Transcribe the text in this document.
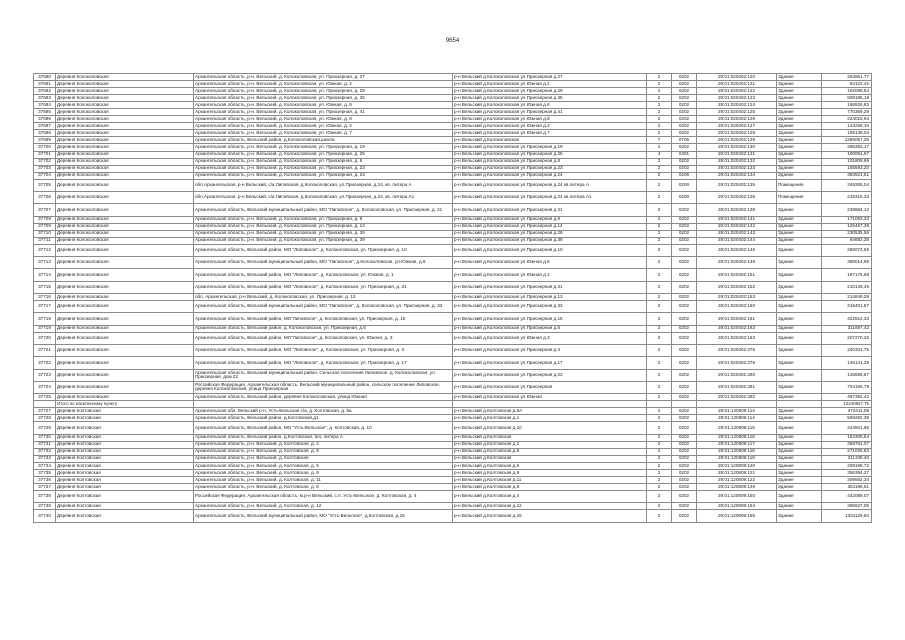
9654
37690	Деревня Колоколовская	Архангельская область, р-н. Вельский, д. Колоколовская, ул. Приозерная, д. 27	р-н Вельский д.Колоколовская ул.Приозерная д.27	2	0202	29:01:020402:120	Здание	263861,77
37691	Деревня Колоколовская	Архангельская область, р-н. Вельский, д. Колоколовская, ул. Южная, д. 2	р-н Вельский д.Колоколовская ул.Южная д.2	2	0202	29:01:020402:121	Здание	84122,42
37692	Деревня Колоколовская	Архангельская область, р-н. Вельский, д. Колоколовская, ул. Приозерная, д. 29	р-н Вельский д.Колоколовская ул.Приозерная д.29	2	0202	29:01:020402:122	Здание	152068,54
37693	Деревня Колоколовская	Архангельская область, р-н. Вельский, д. Колоколовская, ул. Приозерная, д. 35	р-н Вельский д.Колоколовская ул.Приозерная д.35	2	0202	29:01:020402:123	Здание	808185,18
37694	Деревня Колоколовская	Архангельская область, р-н. Вельский, д. Колоколовская, ул. Южная, д. 6	р-н Вельский д.Колоколовская ул.Южная д.6	2	0202	29:01:020402:124	Здание	166526,83
37695	Деревня Колоколовская	Архангельская область, р-н. Вельский, д. Колоколовская, ул. Приозерная, д. 41	р-н Вельский д.Колоколовская ул.Приозерная д.41	2	0202	29:01:020402:125	Здание	770369,29
37696	Деревня Колоколовская	Архангельская область, р-н. Вельский, д. Колоколовская, ул. Южная, д. 8	р-н Вельский д.Колоколовская ул.Южная д.8	2	0202	29:01:020402:126	Здание	224015,94
37697	Деревня Колоколовская	Архангельская область, р-н. Вельский, д. Колоколовская, ул. Южная, д. 2	р-н Вельский д.Колоколовская ул.Южная д.2	2	0202	29:01:020402:127	Здание	143258,10
37698	Деревня Колоколовская	Архангельская область, р-н. Вельский, д. Колоколовская, ул. Южная, д. 7	р-н Вельский д.Колоколовская ул.Южная д.7	2	0202	29:01:020402:128	Здание	159138,04
37699	Деревня Колоколовская	Архангельская область, Вельский район, д.Колоколовская,школа	р-н Вельский д.Колоколовская	7	0705	29:01:020402:129	Здание	1285057,28
37700	Деревня Колоколовская	Архангельская область, р-н. Вельский, д. Колоколовская, ул. Приозерная, д. 19	р-н Вельский д.Колоколовская ул.Приозерная д.19	2	0202	29:01:020402:130	Здание	286283,17
37701	Деревня Колоколовская	Архангельская область, р-н. Вельский, д. Колоколовская, ул. Приозерная, д. 25	р-н Вельский д.Колоколовская ул.Приозерная д.25	4	0401	29:01:020402:131	Здание	100051,97
37702	Деревня Колоколовская	Архангельская область, р-н. Вельский, д. Колоколовская, ул. Приозерная, д. 8	р-н Вельский д.Колоколовская ул.Приозерная д.8	2	0202	29:01:020402:132	Здание	101809,69
37703	Деревня Колоколовская	Архангельская область, р-н. Вельский, д. Колоколовская, ул. Приозерная, д. 23	р-н Вельский д.Колоколовская ул.Приозерная д.23	2	0202	29:01:020402:133	Здание	155593,20
37704	Деревня Колоколовская	Архангельская область, р-н. Вельский, д. Колоколовская, ул. Приозерная, д. 24	р-н Вельский д.Колоколовская ул.Приозерная д.24	2	0206	29:01:020402:134	Здание	383521,51
37705	Деревня Колоколовская	обл.Архангельская, р-н Вельский, с/а Липовская, д.Колоколовская, ул.Приозерная, д.24, кв. литера А	р-н Вельский д.Колоколовская ул.Приозерная д.24 кв.литера А	2	0200	29:01:020402:135	Помещение	349265,04
37706	Деревня Колоколовская	обл.Архангельская, р-н Вельский, с/а Липовская, д.Колоколовская, ул.Приозерная, д.24, кв. литера А1	р-н Вельский д.Колоколовская ул.Приозерная д.24 кв.литера А1	2	0200	29:01:020402:136	Помещение	215315,33
37707	Деревня Колоколовская	Архангельская область, Вельский муниципальный район, МО "Липовское", д. Колоколовская, ул. Приозерная, д. 21	р-н Вельский д.Колоколовская ул.Приозерная д.21	2	0202	29:01:020402:138	Здание	238684,12
37708	Деревня Колоколовская	Архангельская область, р-н. Вельский, д. Колоколовская, ул. Приозерная, д. 9	р-н Вельский д.Колоколовская ул.Приозерная д.9	2	0202	29:01:020402:141	Здание	171093,33
37709	Деревня Колоколовская	Архангельская область, р-н. Вельский, д. Колоколовская, ул. Приозерная, д. 14	р-н Вельский д.Колоколовская ул.Приозерная д.14	2	0202	29:01:020402:142	Здание	125457,38
37710	Деревня Колоколовская	Архангельская область, р-н. Вельский, д. Колоколовская, ул. Приозерная, д. 26	р-н Вельский д.Колоколовская ул.Приозерная д.26	2	0202	29:01:020402:143	Здание	230535,56
37711	Деревня Колоколовская	Архангельская область, р-н. Вельский, д. Колоколовская, ул. Приозерная, д. 39	р-н Вельский д.Колоколовская ул.Приозерная д.39	2	0202	29:01:020402:144	Здание	84682,29
37712	Деревня Колоколовская	Архангельская область, Вельский район, МО "Липовское", д. Колоколовская, ул. Приозерная, д. 10	р-н Вельский д.Колоколовская ул.Приозерная д.10	2	0202	29:01:020402:146	Здание	289073,56
37713	Деревня Колоколовская	Архангельская область, Вельский муниципальный район, МО "Липовское", д.Колоколовская, ул.Южная, д.6	р-н Вельский д.Колоколовская ул.Южная д.6	2	0202	29:01:020402:148	Здание	388014,95
37714	Деревня Колоколовская	Архангельская область, Вельский район, МО "Липовское", д. Колоколовская, ул. Южная, д. 1	р-н Вельский д.Колоколовская ул.Южная д.1	2	0202	29:01:020402:151	Здание	187175,68
37715	Деревня Колоколовская	Архангельская область, Вельский район, МО "Липовское", д. Колоколовская, ул. Приозерная, д. 31	р-н Вельский д.Колоколовская ул.Приозерная д.31	2	0202	29:01:020402:152	Здание	210149,45
37716	Деревня Колоколовская	обл. Архангельская, р-н Вельский, д. Колоколовская, ул. Приозерная, д. 13	р-н Вельский д.Колоколовская ул.Приозерная д.13	2	0202	29:01:020402:153	Здание	214849,28
37717	Деревня Колоколовская	Архангельская область, Вельский муниципальный район, МО "Липовское", д. Колоколовская, ул. Приозерная, д. 33	р-н Вельский д.Колоколовская ул.Приозерная д.33	2	0202	29:01:020402:160	Здание	319401,87
37718	Деревня Колоколовская	Архангельская область, Вельский район, МО"Липовское", д. Колоколовская, ул. Приозерная, д. 15	р-н Вельский д.Колоколовская ул.Приозерная д.15	2	0202	29:01:020402:161	Здание	422512,33
37719	Деревня Колоколовская	Архангельская область, Вельский район, д. Колоколовская, ул. Приозерная, д.6	р-н Вельский д.Колоколовская ул.Приозерная д.6	2	0202	29:01:020402:162	Здание	311687,42
37720	Деревня Колоколовская	Архангельская область, Вельский район, МО"Липовское", д. Колоколовская, ул. Южная, д. 3	р-н Вельский д.Колоколовская ул.Южная д.3	2	0202	29:01:020402:163	Здание	207270,26
37721	Деревня Колоколовская	Архангельская область, Вельский район, МО "Липовское", д. Колоколовская, ул. Приозерная, д. 3	р-н Вельский д.Колоколовская ул.Приозерная д.3	2	0202	29:01:020402:276	Здание	240331,75
37722	Деревня Колоколовская	Архангельская область, Вельский район, МО "Липовское", д. Колоколовская, ул. Приозерная, д. 17	р-н Вельский д.Колоколовская ул.Приозерная д.17	2	0202	29:01:020402:278	Здание	146141,28
37723	Деревня Колоколовская	Архангельская область, Вельский муниципальный район, Сельское поселение Липовское, д. Колоколовская, ул. Приозерная, дом 22	р-н Вельский д.Колоколовская ул.Приозерная д.22	2	0202	29:01:020402:280	Здание	146559,87
37724	Деревня Колоколовская	Российская Федерация, Архангельская область, Вельский муниципальный район, сельское поселение Липовское, деревня Колоколовская, улица Приозерная	р-н Вельский д.Колоколовская ул.Приозерная	2	0202	29:01:020402:281	Здание	704169,79
37725	Деревня Колоколовская	Архангельская область, Вельский район, деревня Колоколовская, улица Южная	р-н Вельский д.Колоколовская ул.Южная	2	0202	29:01:020402:282	Здание	497392,42
	Итого по населенному пункту							12240827,75
37727	Деревня Колтовская	Архангельская обл, Вельский р-н, Усть-Вельская с/а, д. Колтовская, д. 5а	р-н Вельский д.Колтовская д.5А	2	0202	29:01:120809:114	Здание	372411,09
37728	Деревня Колтовская	Архангельская область, Вельский район, д.Колтовская,д1	р-н Вельский д.Колтовская д.1	2	0202	29:01:120809:114	Здание	569282,38
37729	Деревня Колтовская	Архангельская область, Вельский район, МО "Усть-Вельское", д. Колтовская, д. 10	р-н Вельский д.Колтовская д.10	2	0202	29:01:120809:115	Здание	244921,96
37730	Деревня Колтовская	Архангельская область, Вельский район, д.Колтовская, б/н, литера А	р-н Вельский д.Колтовская	2	0202	29:01:120809:116	Здание	184305,54
37731	Деревня Колтовская	Архангельская область, р-н. Вельский, д. Колтовская, д. 2	р-н Вельский д.Колтовская д.2	2	0202	29:01:120809:117	Здание	359761,07
37732	Деревня Колтовская	Архангельская область, р-н. Вельский, д. Колтовская, д. 6	р-н Вельский д.Колтовская д.6	2	0202	29:01:120809:118	Здание	271026,83
37733	Деревня Колтовская	Архангельская область, р-н. Вельский, д. Колтовская	р-н Вельский д.Колтовская	2	0202	29:01:120809:119	Здание	311339,40
37734	Деревня Колтовская	Архангельская область, р-н. Вельский, д. Колтовская, д. 5	р-н Вельский д.Колтовская д.5	2	0202	29:01:120809:120	Здание	208198,72
37735	Деревня Колтовская	Архангельская область, р-н. Вельский, д. Колтовская, д. 9	р-н Вельский д.Колтовская д.9	2	0202	29:01:120809:121	Здание	356394,27
37736	Деревня Колтовская	Архангельская область, р-н. Вельский, д. Колтовская, д. 11	р-н Вельский д.Колтовская д.11	2	0202	29:01:120809:122	Здание	309562,34
37737	Деревня Колтовская	Архангельская область, р-н. Вельский, д. Колтовская, д. 8	р-н Вельский д.Колтовская д.8	2	0202	29:01:120809:149	Здание	351186,51
37738	Деревня Колтовская	Российская Федерация, Архангельская область, м.р-н Вельский, с.п. Усть-Вельское, д. Колтовская, д. 4	р-н Вельский д.Колтовская д.4	2	0202	29:01:120809:150	Здание	442089,07
37739	Деревня Колтовская	Архангельская область, р-н. Вельский, д. Колтовская, д. 12	р-н Вельский д.Колтовская д.12	2	0202	29:01:120809:154	Здание	396627,05
37740	Деревня Колтовская	Архангельская область, Вельский муниципальный район, МО "Усть-Вельское", д.Колтовская, д.15	р-н Вельский д.Колтовская д.15	2	0202	29:01:120809:155	Здание	1331129,84
